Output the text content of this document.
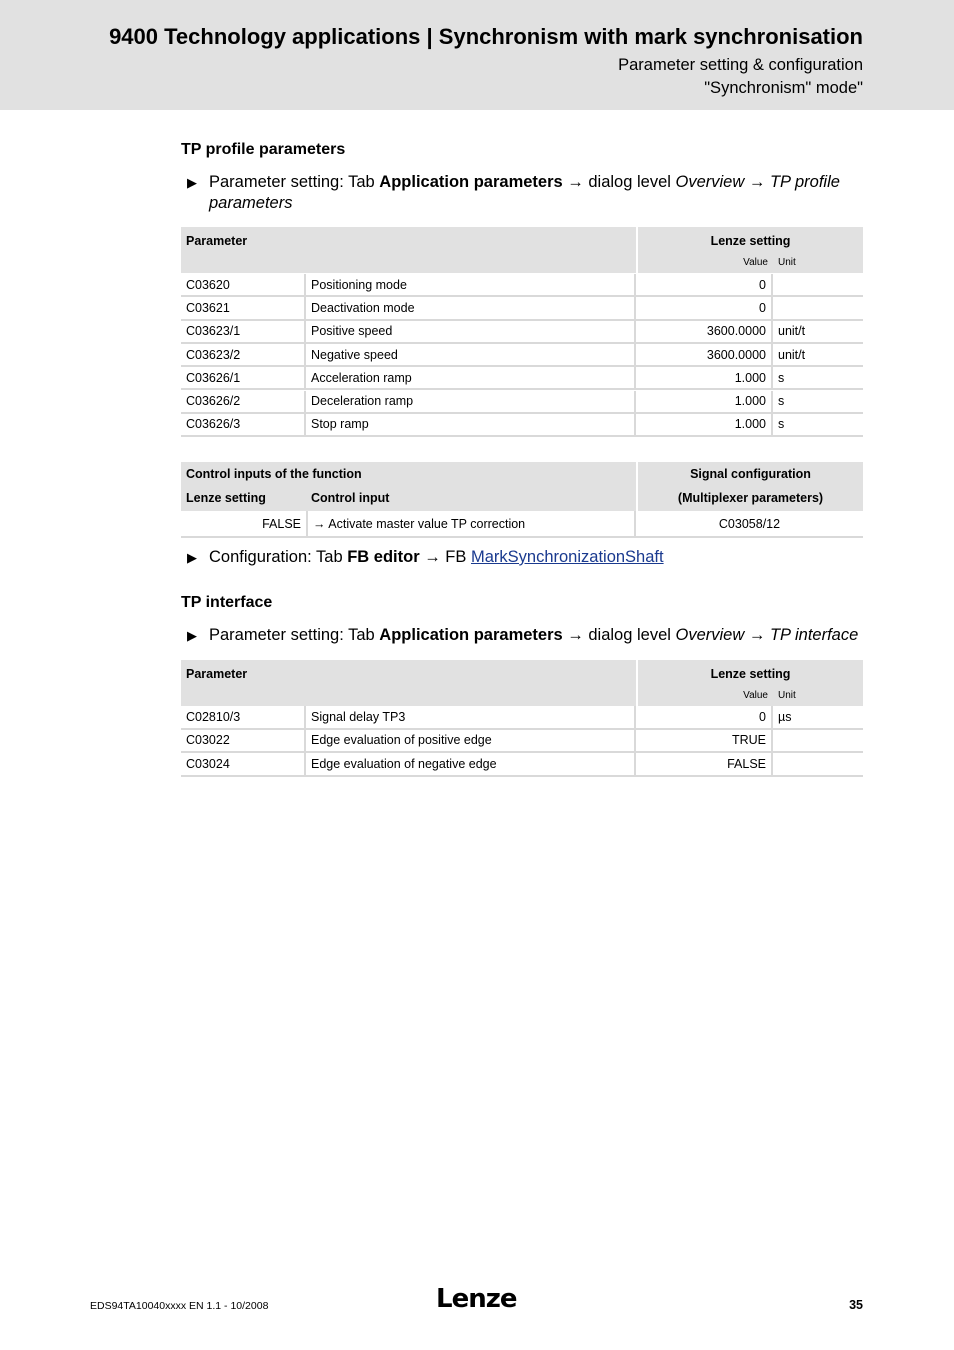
9400 Technology applications | Synchronism with mark synchronisation
Parameter setting & configuration
"Synchronism" mode"
TP profile parameters
▶ Parameter setting: Tab Application parameters → dialog level Overview → TP profile parameters
Parameter	Lenze setting
Value Unit
C03620	Positioning mode	0
C03621	Deactivation mode	0
C03623/1	Positive speed	3600.0000 unit/t
C03623/2	Negative speed	3600.0000 unit/t
C03626/1	Acceleration ramp	1.000 s
C03626/2	Deceleration ramp	1.000 s
C03626/3	Stop ramp	1.000 s
Control inputs of the function	Signal configuration
Lenze setting	Control input	(Multiplexer parameters)
FALSE → Activate master value TP correction	C03058/12
▶ Configuration: Tab FB editor → FB MarkSynchronizationShaft
TP interface
▶ Parameter setting: Tab Application parameters → dialog level Overview → TP interface
Parameter	Lenze setting
Value Unit
C02810/3	Signal delay TP3	0 µs
C03022	Edge evaluation of positive edge	TRUE
C03024	Edge evaluation of negative edge	FALSE
EDS94TA10040xxxx EN 1.1 - 10/2008	Lenze	35
